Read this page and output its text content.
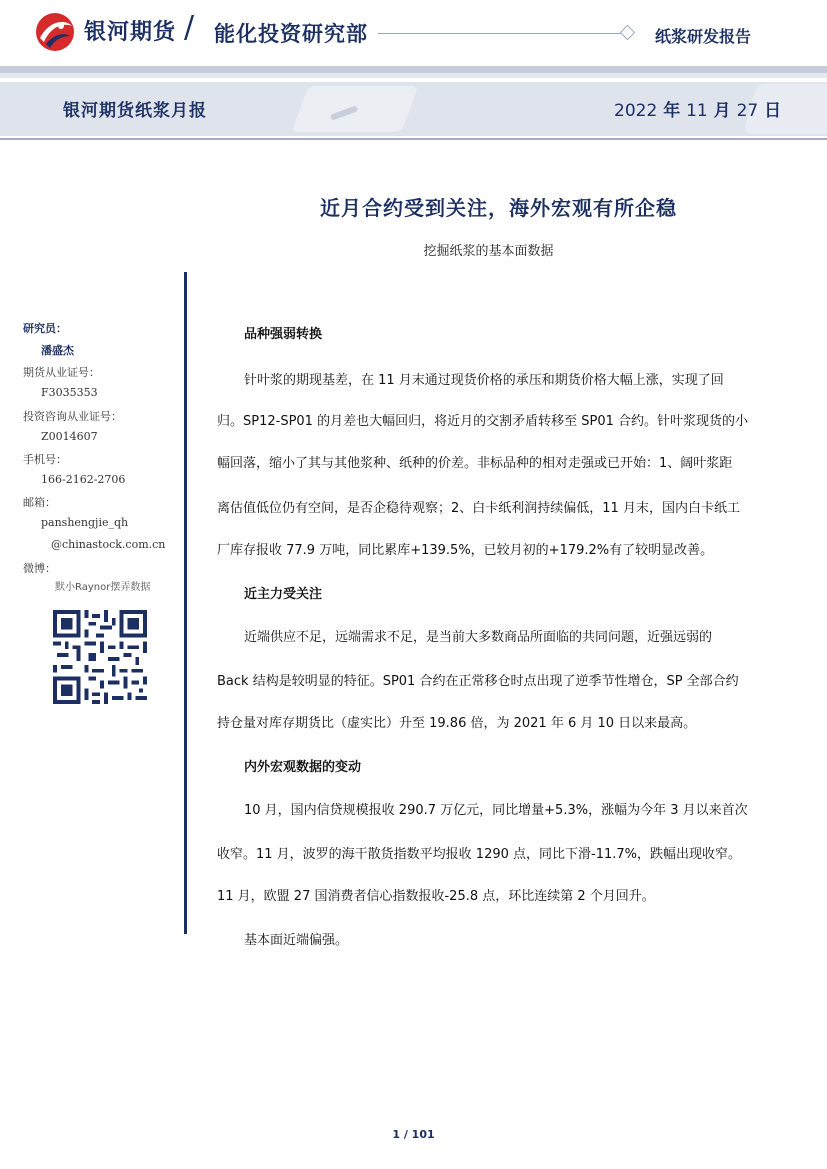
银河期货 / 能化投资研究部	纸浆研发报告
银河期货纸浆月报	2022 年 11 月 27 日
近月合约受到关注，海外宏观有所企稳
挖掘纸浆的基本面数据
研究员：
潘盛杰
期货从业证号：
F3035353
投资咨询从业证号：
Z0014607
手机号：
166-2162-2706
邮箱：
panshengjie_qh
@chinastock.com.cn
微博：
默小Raynor摆弄数据
品种强弱转换
针叶浆的期现基差，在 11 月末通过现货价格的承压和期货价格大幅上涨，实现了回
归。SP12-SP01 的月差也大幅回归，将近月的交割矛盾转移至 SP01 合约。针叶浆现货的小
幅回落，缩小了其与其他浆种、纸种的价差。非标品种的相对走强或已开始：1、阔叶浆距
离估值低位仍有空间，是否企稳待观察；2、白卡纸利润持续偏低，11 月末，国内白卡纸工
厂库存报收 77.9 万吨，同比累库+139.5%，已较月初的+179.2%有了较明显改善。
近主力受关注
近端供应不足，远端需求不足，是当前大多数商品所面临的共同问题，近强远弱的
Back 结构是较明显的特征。SP01 合约在正常移仓时点出现了逆季节性增仓，SP 全部合约
持仓量对库存期货比（虚实比）升至 19.86 倍，为 2021 年 6 月 10 日以来最高。
内外宏观数据的变动
10 月，国内信贷规模报收 290.7 万亿元，同比增量+5.3%，涨幅为今年 3 月以来首次
收窄。11 月，波罗的海干散货指数平均报收 1290 点，同比下滑-11.7%，跌幅出现收窄。
11 月，欧盟 27 国消费者信心指数报收-25.8 点，环比连续第 2 个月回升。
基本面近端偏强。
1 / 101
